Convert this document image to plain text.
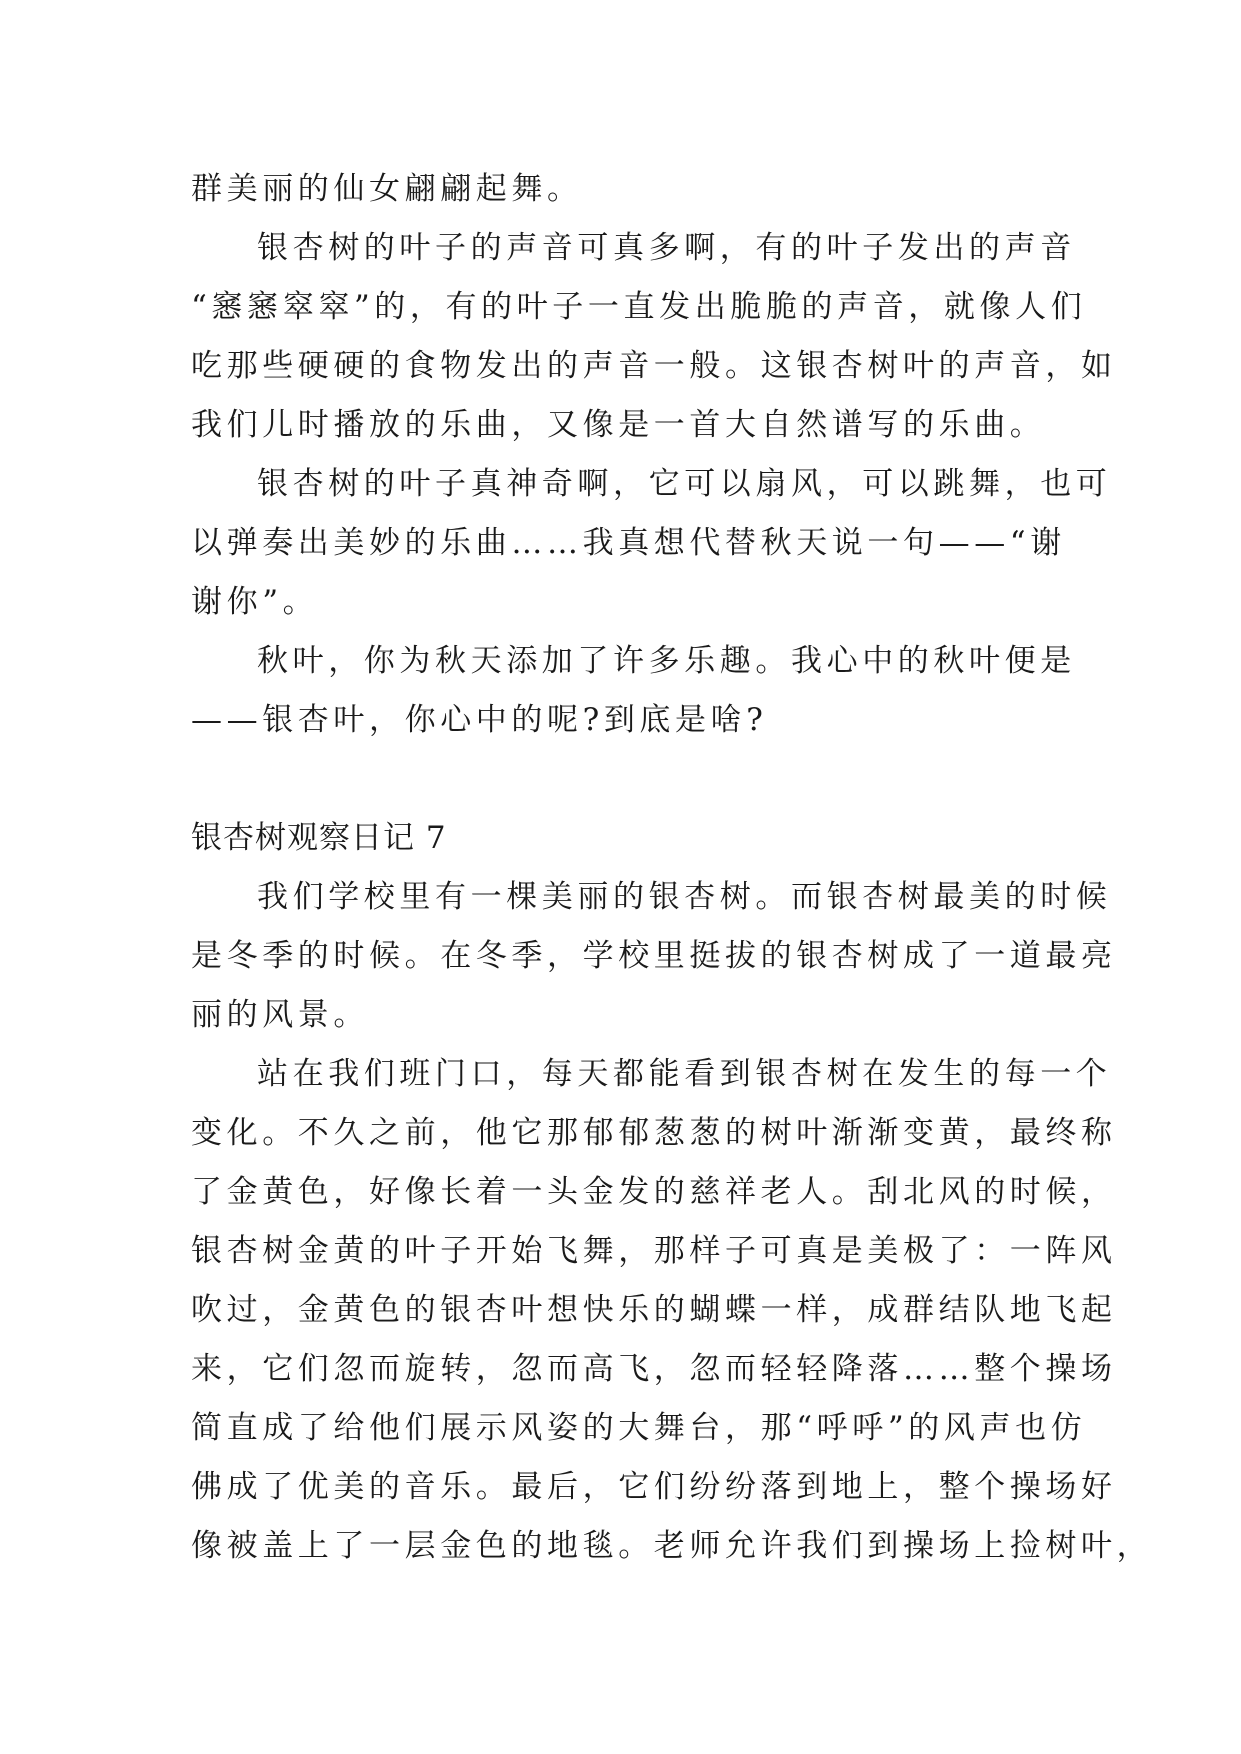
群美丽的仙女翩翩起舞。
银杏树的叶子的声音可真多啊，有的叶子发出的声音
“窸窸窣窣”的，有的叶子一直发出脆脆的声音，就像人们
吃那些硬硬的食物发出的声音一般。这银杏树叶的声音，如
我们儿时播放的乐曲，又像是一首大自然谱写的乐曲。
银杏树的叶子真神奇啊，它可以扇风，可以跳舞，也可
以弹奏出美妙的乐曲……我真想代替秋天说一句——“谢
谢你”。
秋叶，你为秋天添加了许多乐趣。我心中的秋叶便是
——银杏叶，你心中的呢?到底是啥?
银杏树观察日记 7
我们学校里有一棵美丽的银杏树。而银杏树最美的时候
是冬季的时候。在冬季，学校里挺拔的银杏树成了一道最亮
丽的风景。
站在我们班门口，每天都能看到银杏树在发生的每一个
变化。不久之前，他它那郁郁葱葱的树叶渐渐变黄，最终称
了金黄色，好像长着一头金发的慈祥老人。刮北风的时候，
银杏树金黄的叶子开始飞舞，那样子可真是美极了：一阵风
吹过，金黄色的银杏叶想快乐的蝴蝶一样，成群结队地飞起
来，它们忽而旋转，忽而高飞，忽而轻轻降落……整个操场
简直成了给他们展示风姿的大舞台，那“呼呼”的风声也仿
佛成了优美的音乐。最后，它们纷纷落到地上，整个操场好
像被盖上了一层金色的地毯。老师允许我们到操场上捡树叶，
